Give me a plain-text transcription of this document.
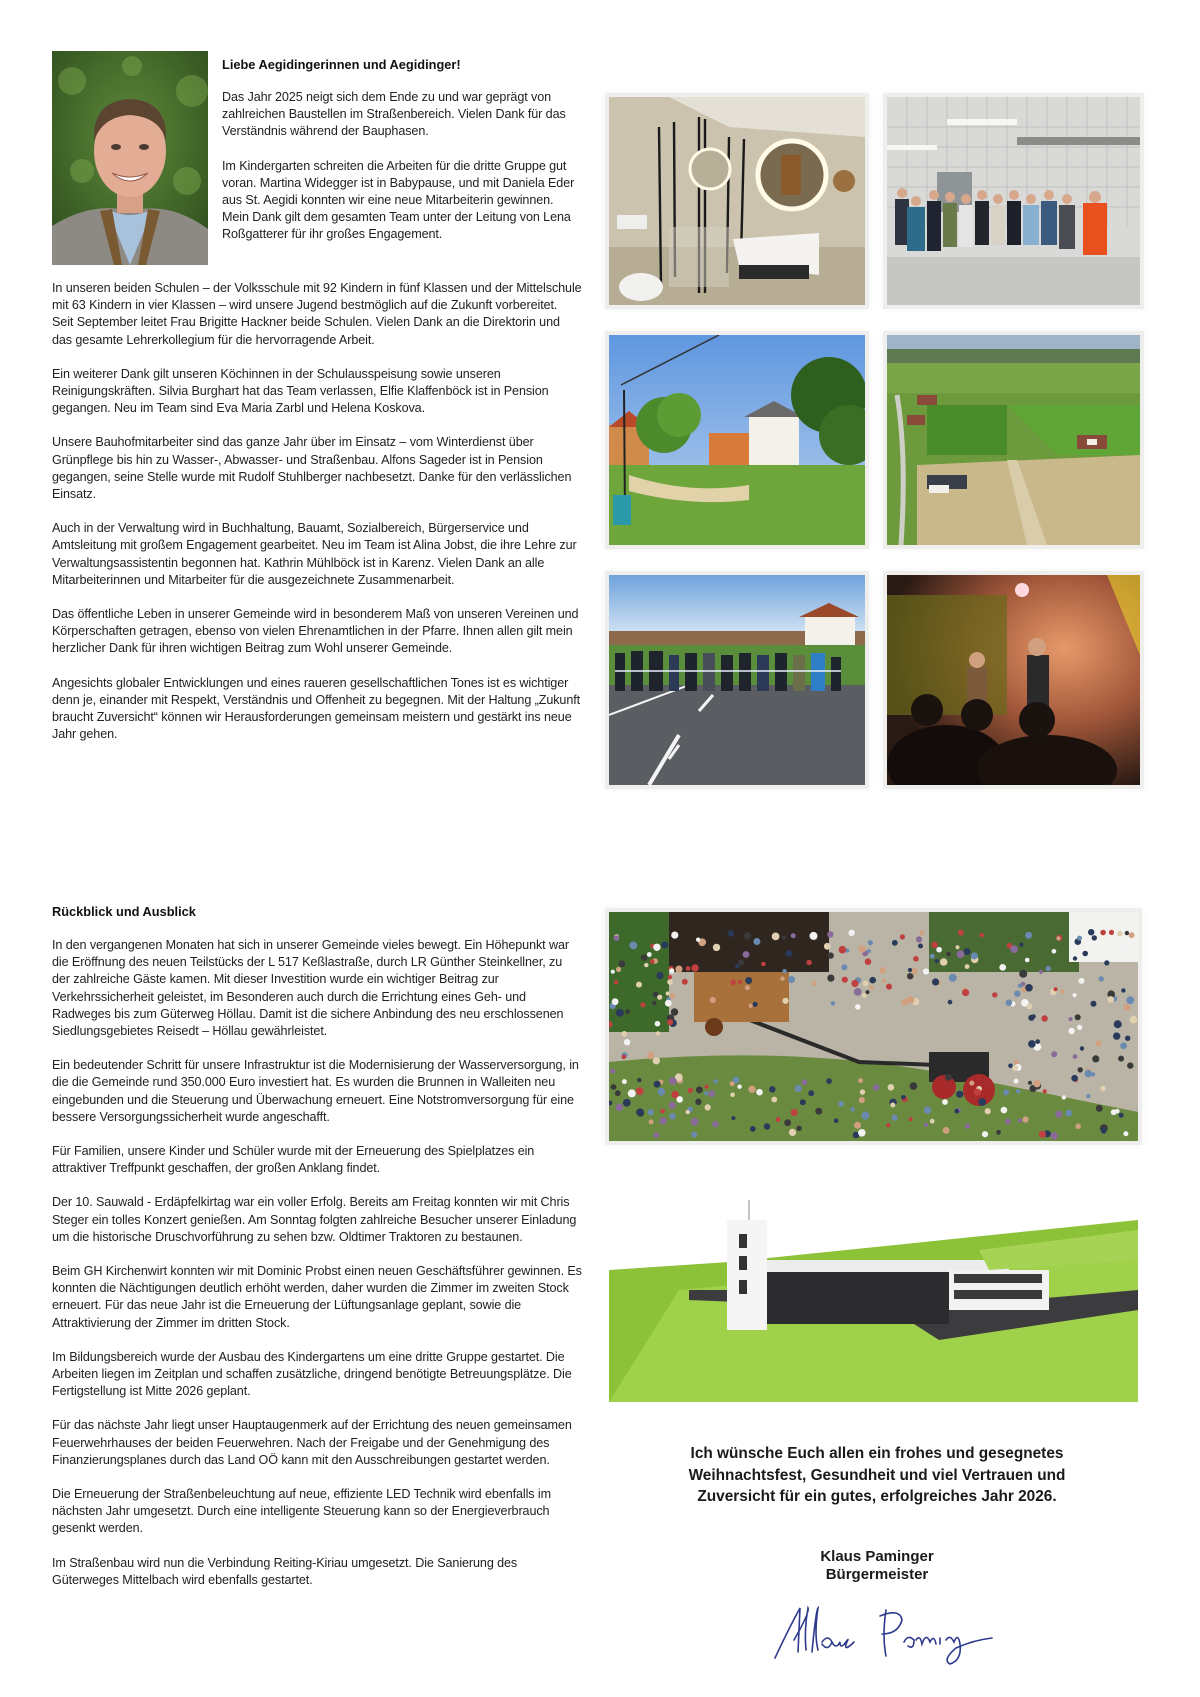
Liebe Aegidingerinnen und Aegidinger!

Das Jahr 2025 neigt sich dem Ende zu und war geprägt von zahlreichen Baustellen im Straßenbereich. Vielen Dank für das Verständnis während der Bauphasen.

Im Kindergarten schreiten die Arbeiten für die dritte Gruppe gut voran. Martina Widegger ist in Babypause, und mit Daniela Eder aus St. Aegidi konnten wir eine neue Mitarbeiterin gewinnen. Mein Dank gilt dem gesamten Team unter der Leitung von Lena Roßgatterer für ihr großes Engagement.

In unseren beiden Schulen – der Volksschule mit 92 Kindern in fünf Klassen und der Mittelschule mit 63 Kindern in vier Klassen – wird unsere Jugend bestmöglich auf die Zukunft vorbereitet. Seit September leitet Frau Brigitte Hackner beide Schulen. Vielen Dank an die Direktorin und das gesamte Lehrerkollegium für die hervorragende Arbeit.

Ein weiterer Dank gilt unseren Köchinnen in der Schulausspeisung sowie unseren Reinigungskräften. Silvia Burghart hat das Team verlassen, Elfie Klaffenböck ist in Pension gegangen. Neu im Team sind Eva Maria Zarbl und Helena Koskova.

Unsere Bauhofmitarbeiter sind das ganze Jahr über im Einsatz – vom Winterdienst über Grünpflege bis hin zu Wasser-, Abwasser- und Straßenbau. Alfons Sageder ist in Pension gegangen, seine Stelle wurde mit Rudolf Stuhlberger nachbesetzt. Danke für den verlässlichen Einsatz.

Auch in der Verwaltung wird in Buchhaltung, Bauamt, Sozialbereich, Bürgerservice und Amtsleitung mit großem Engagement gearbeitet. Neu im Team ist Alina Jobst, die ihre Lehre zur Verwaltungsassistentin begonnen hat. Kathrin Mühlböck ist in Karenz. Vielen Dank an alle Mitarbeiterinnen und Mitarbeiter für die ausgezeichnete Zusammenarbeit.

Das öffentliche Leben in unserer Gemeinde wird in besonderem Maß von unseren Vereinen und Körperschaften getragen, ebenso von vielen Ehrenamtlichen in der Pfarre. Ihnen allen gilt mein herzlicher Dank für ihren wichtigen Beitrag zum Wohl unserer Gemeinde.

Angesichts globaler Entwicklungen und eines raueren gesellschaftlichen Tones ist es wichtiger denn je, einander mit Respekt, Verständnis und Offenheit zu begegnen. Mit der Haltung „Zukunft braucht Zuversicht“ können wir Herausforderungen gemeinsam meistern und gestärkt ins neue Jahr gehen.

Rückblick und Ausblick

In den vergangenen Monaten hat sich in unserer Gemeinde vieles bewegt. Ein Höhepunkt war die Eröffnung des neuen Teilstücks der L 517 Keßlastraße, durch LR Günther Steinkellner, zu der zahlreiche Gäste kamen. Mit dieser Investition wurde ein wichtiger Beitrag zur Verkehrssicherheit geleistet, im Besonderen auch durch die Errichtung eines Geh- und Radweges bis zum Güterweg Höllau. Damit ist die sichere Anbindung des neu erschlossenen Siedlungsgebietes Reisedt – Höllau gewährleistet.

Ein bedeutender Schritt für unsere Infrastruktur ist die Modernisierung der Wasserversorgung, in die die Gemeinde rund 350.000 Euro investiert hat. Es wurden die Brunnen in Walleiten neu eingebunden und die Steuerung und Überwachung erneuert. Eine Notstromversorgung für eine bessere Versorgungssicherheit wurde angeschafft.

Für Familien, unsere Kinder und Schüler wurde mit der Erneuerung des Spielplatzes ein attraktiver Treffpunkt geschaffen, der großen Anklang findet.

Der 10. Sauwald - Erdäpfelkirtag war ein voller Erfolg. Bereits am Freitag konnten wir mit Chris Steger ein tolles Konzert genießen. Am Sonntag folgten zahlreiche Besucher unserer Einladung um die historische Druschvorführung zu sehen bzw. Oldtimer Traktoren zu bestaunen.

Beim GH Kirchenwirt konnten wir mit Dominic Probst einen neuen Geschäftsführer gewinnen. Es konnten die Nächtigungen deutlich erhöht werden, daher wurden die Zimmer im zweiten Stock erneuert. Für das neue Jahr ist die Erneuerung der Lüftungsanlage geplant, sowie die Attraktivierung der Zimmer im dritten Stock.

Im Bildungsbereich wurde der Ausbau des Kindergartens um eine dritte Gruppe gestartet. Die Arbeiten liegen im Zeitplan und schaffen zusätzliche, dringend benötigte Betreuungsplätze. Die Fertigstellung ist Mitte 2026 geplant.

Für das nächste Jahr liegt unser Hauptaugenmerk auf der Errichtung des neuen gemeinsamen Feuerwehrhauses der beiden Feuerwehren. Nach der Freigabe und der Genehmigung des Finanzierungsplanes durch das Land OÖ kann mit den Ausschreibungen gestartet werden.

Die Erneuerung der Straßenbeleuchtung auf neue, effiziente LED Technik wird ebenfalls im nächsten Jahr umgesetzt. Durch eine intelligente Steuerung kann so der Energieverbrauch gesenkt werden.

Im Straßenbau wird nun die Verbindung Reiting-Kiriau umgesetzt. Die Sanierung des Güterweges Mittelbach wird ebenfalls gestartet.

Ich wünsche Euch allen ein frohes und gesegnetes Weihnachtsfest, Gesundheit und viel Vertrauen und Zuversicht für ein gutes, erfolgreiches Jahr 2026.
Klaus Paminger
Bürgermeister
